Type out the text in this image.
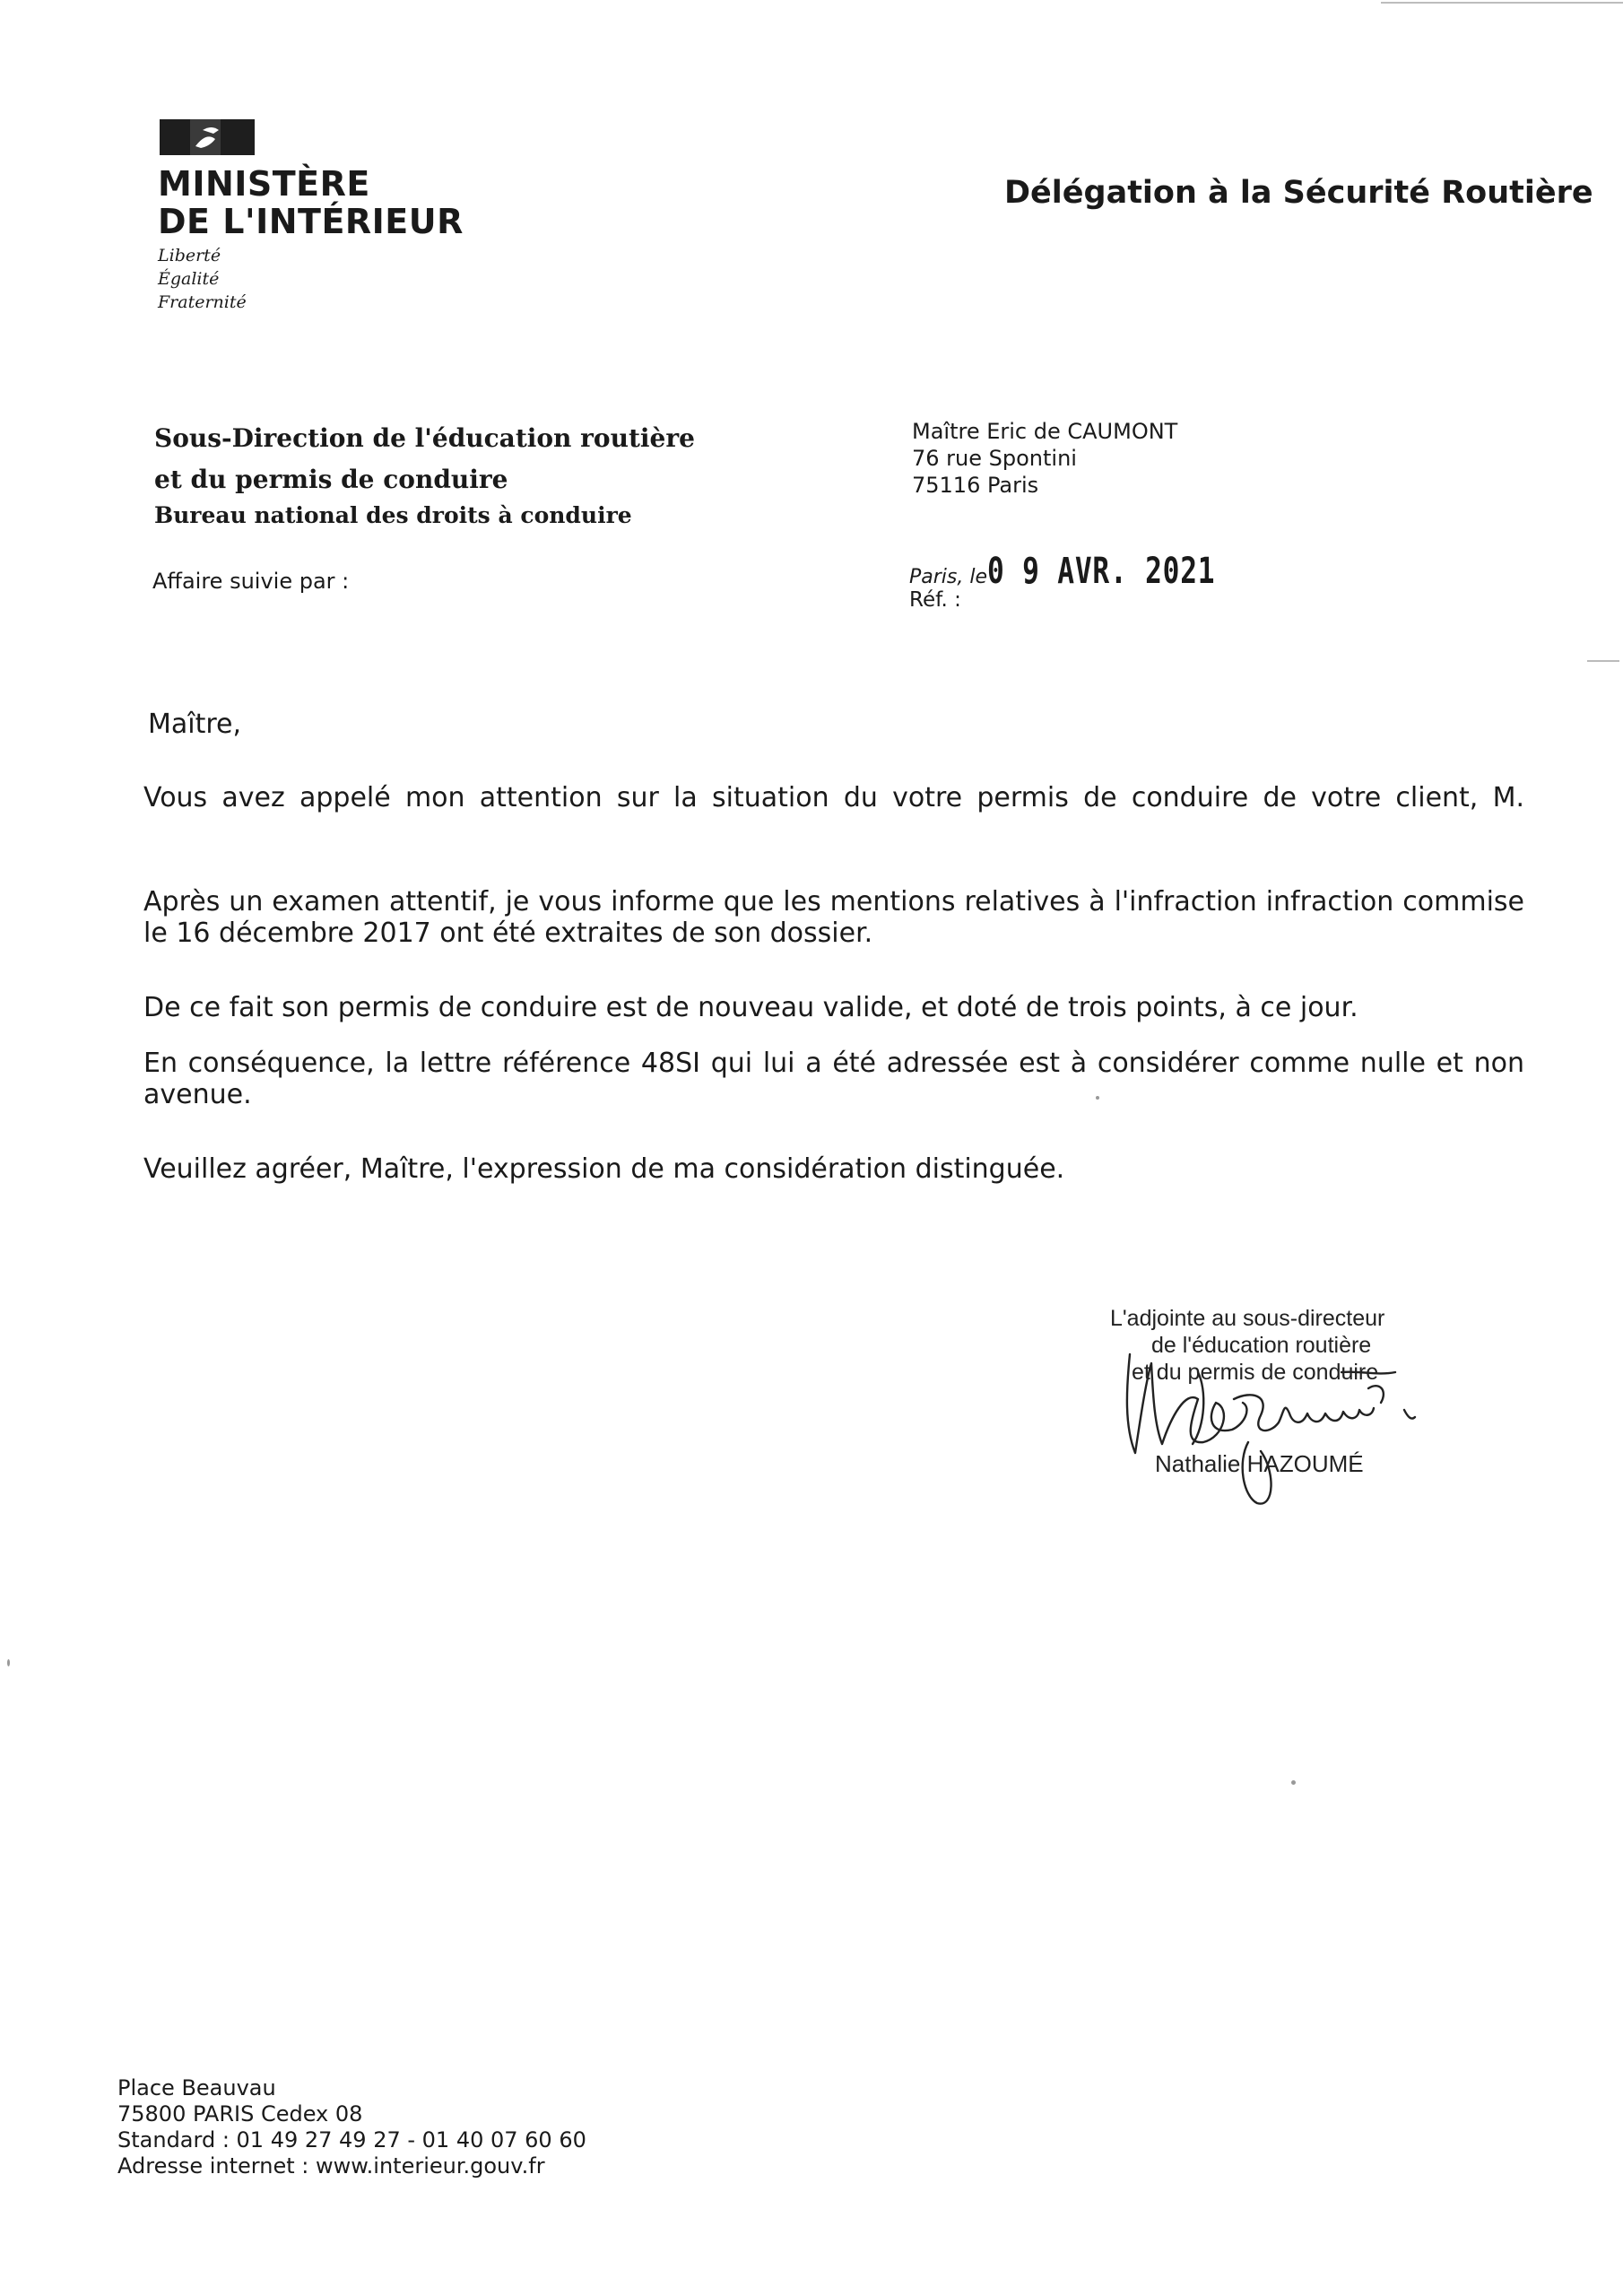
MINISTÈRE
DE L'INTÉRIEUR
Liberté
Égalité
Fraternité
Délégation à la Sécurité Routière
Sous-Direction de l'éducation routière
et du permis de conduire
Bureau national des droits à conduire
Affaire suivie par :
Maître Eric de CAUMONT
76 rue Spontini
75116 Paris
Paris, le0 9 AVR. 2021
Réf. :
Maître,
Vous avez appelé mon attention sur la situation du votre permis de conduire de votre client, M.
Après un examen attentif, je vous informe que les mentions relatives à l'infraction infraction commise
le 16 décembre 2017 ont été extraites de son dossier.
De ce fait son permis de conduire est de nouveau valide, et doté de trois points, à ce jour.
En conséquence, la lettre référence 48SI qui lui a été adressée est à considérer comme nulle et non
avenue.
Veuillez agréer, Maître, l'expression de ma considération distinguée.
L'adjointe au sous-directeur
de l'éducation routière
et du permis de conduire
Nathalie HAZOUMÉ
Place Beauvau
75800 PARIS Cedex 08
Standard : 01 49 27 49 27 - 01 40 07 60 60
Adresse internet : www.interieur.gouv.fr
